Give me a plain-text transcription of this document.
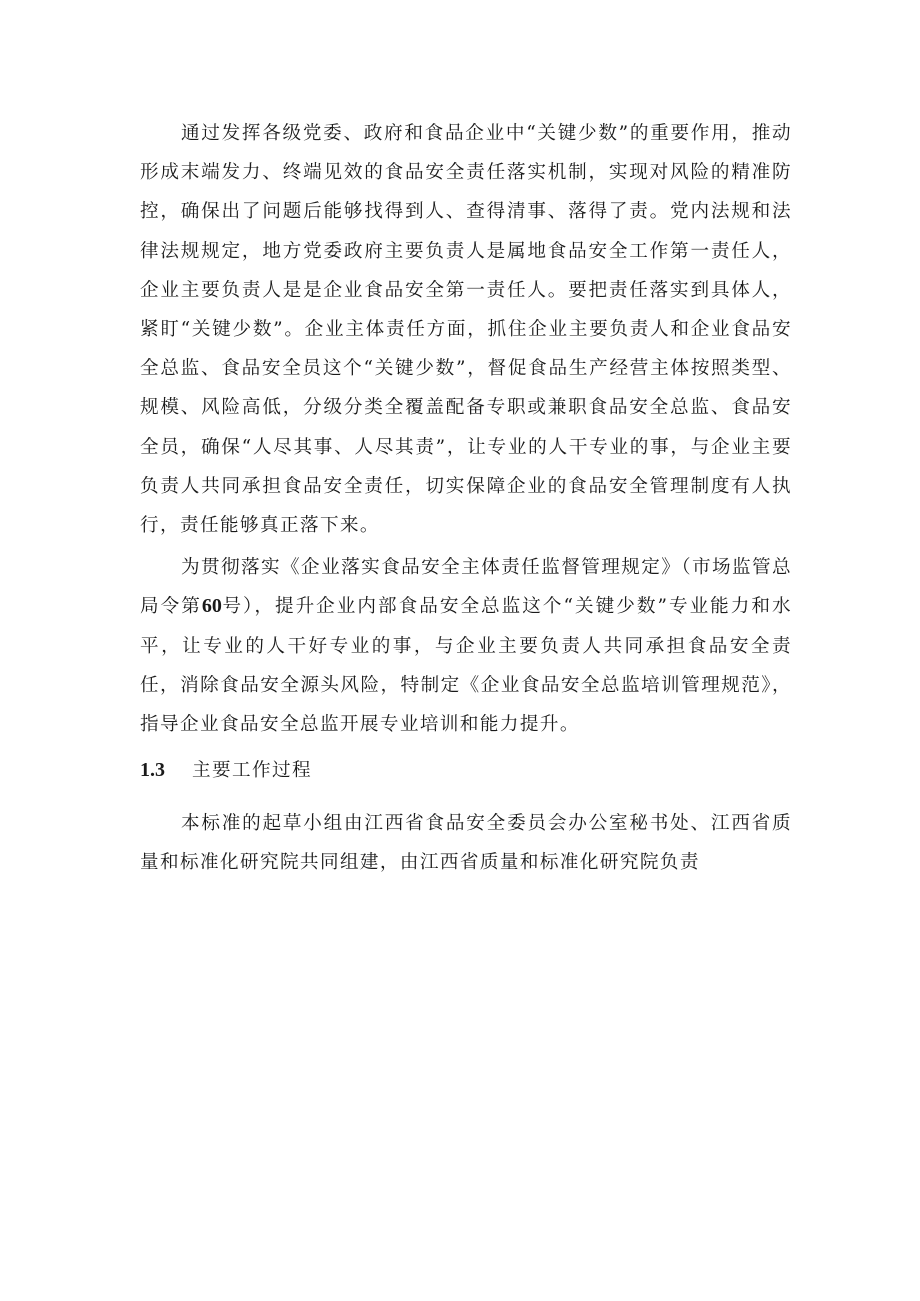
通过发挥各级党委、政府和食品企业中“关键少数”的重要作用，推动形成末端发力、终端见效的食品安全责任落实机制，实现对风险的精准防控，确保出了问题后能够找得到人、查得清事、落得了责。党内法规和法律法规规定，地方党委政府主要负责人是属地食品安全工作第一责任人，企业主要负责人是是企业食品安全第一责任人。要把责任落实到具体人，紧盯“关键少数”。企业主体责任方面，抓住企业主要负责人和企业食品安全总监、食品安全员这个“关键少数”，督促食品生产经营主体按照类型、规模、风险高低，分级分类全覆盖配备专职或兼职食品安全总监、食品安全员，确保“人尽其事、人尽其责”，让专业的人干专业的事，与企业主要负责人共同承担食品安全责任，切实保障企业的食品安全管理制度有人执行，责任能够真正落下来。

为贯彻落实《企业落实食品安全主体责任监督管理规定》（市场监管总局令第60号），提升企业内部食品安全总监这个“关键少数”专业能力和水平，让专业的人干好专业的事，与企业主要负责人共同承担食品安全责任，消除食品安全源头风险，特制定《企业食品安全总监培训管理规范》，指导企业食品安全总监开展专业培训和能力提升。

1.3	主要工作过程

本标准的起草小组由江西省食品安全委员会办公室秘书处、江西省质量和标准化研究院共同组建，由江西省质量和标准化研究院负责
